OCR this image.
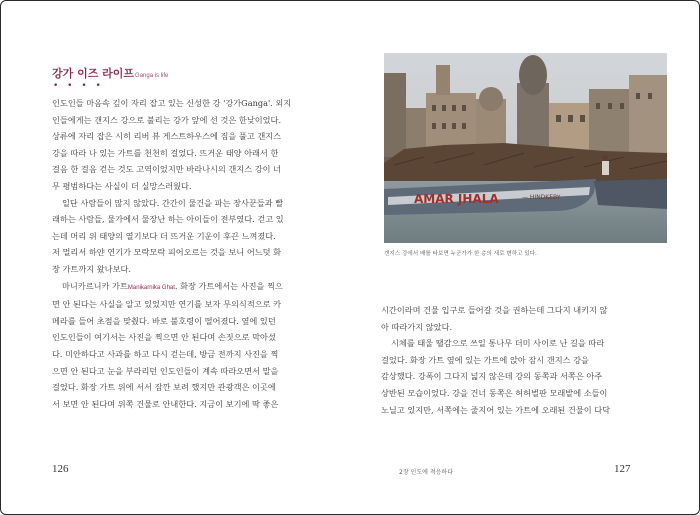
강가 이즈 라이프Ganga is life
• • • •

인도인들 마음속 깊이 자리 잡고 있는 신성한 강 '강가Ganga'. 외지
인들에게는 갠지스 강으로 불리는 강가 앞에 선 것은 한낮이었다.
상류에 자리 잡은 시히 리버 뷰 게스트하우스에 짐을 풀고 갠지스
강을 따라 나 있는 가트를 천천히 걸었다. 뜨거운 태양 아래서 한
걸음 한 걸음 걷는 것도 고역이었지만 바라나시의 갠지스 강이 너
무 평범하다는 사실이 더 실망스러웠다.

일단 사람들이 많지 않았다. 간간이 물건을 파는 장사꾼들과 빨
래하는 사람들, 물가에서 물장난 하는 아이들이 전부였다. 걷고 있
는데 머리 위 태양의 열기보다 더 뜨거운 기운이 후끈 느껴졌다.
저 멀리서 하얀 연기가 모락모락 피어오르는 것을 보니 어느덧 화
장 가트까지 왔나보다.

마니카르니카 가트Manikarnika Ghat. 화장 가트에서는 사진을 찍으
면 안 된다는 사실을 알고 있었지만 연기를 보자 무의식적으로 카
메라를 들어 초점을 맞췄다. 바로 불호령이 떨어졌다. 옆에 있던
인도인들이 여기서는 사진을 찍으면 안 된다며 손짓으로 막아섰
다. 미안하다고 사과를 하고 다시 걷는데, 방금 전까지 사진을 찍
으면 안 된다고 눈을 부라리던 인도인들이 계속 따라오면서 말을
걸었다. 화장 가트 위에 서서 잠깐 보려 했지만 관광객은 이곳에
서 보면 안 된다며 위쪽 건물로 안내한다. 지금이 보기에 딱 좋은

126
AMAR JHALA	— HINDKEBY
갠지스 강에서 배를 타보면 누군가가 한 층의 새로 변하고 있다.

시간이라며 건물 입구로 들어갈 것을 권하는데 그다지 내키지 않
아 따라가지 않았다.

시체를 태울 땔감으로 쓰일 통나무 더미 사이로 난 길을 따라
걸었다. 화장 가트 옆에 있는 가트에 앉아 잠시 갠지스 강을
감상했다. 강폭이 그다지 넓지 않은데 강의 동쪽과 서쪽은 아주
상반된 모습이었다. 강을 건너 동쪽은 허허벌판 모래밭에 소들이
노닐고 있지만, 서쪽에는 줄지어 있는 가트에 오래된 건물이 다닥

2장 인도에 적응하다	127
